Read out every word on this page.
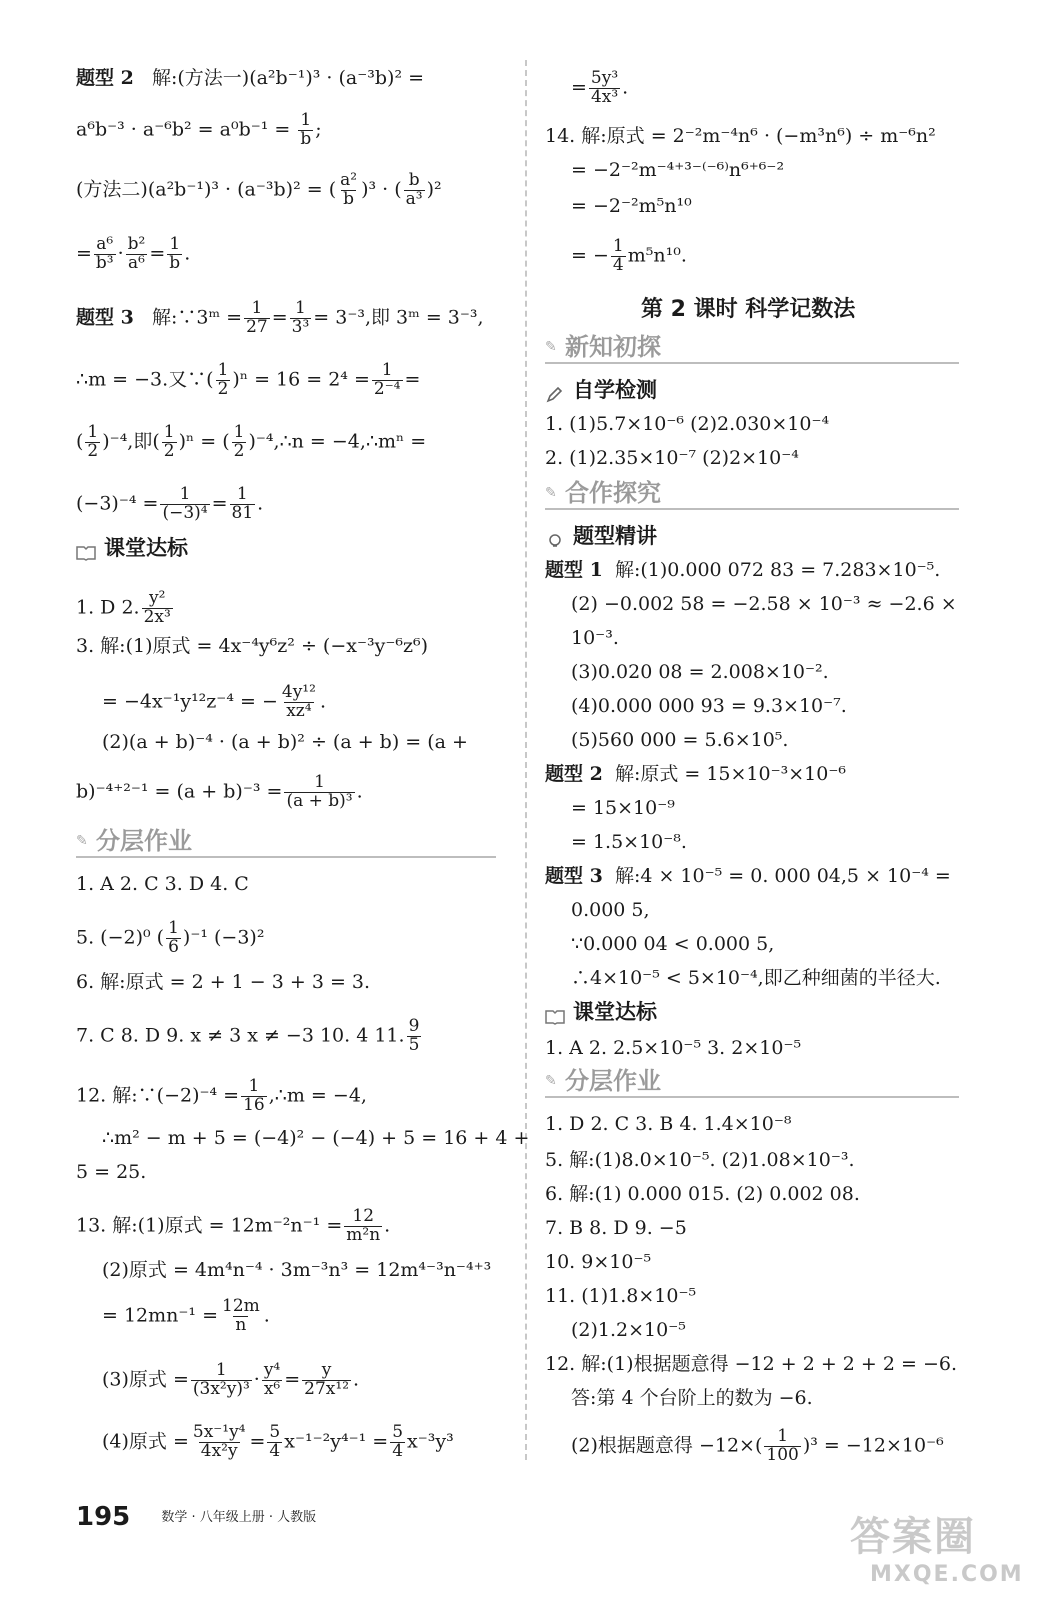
题型 2 解:(方法一)(a²b⁻¹)³ · (a⁻³b)² =
$a^6b^{-3} \cdot a^{-6}b^2 = a^0b^{-1} = \frac{1}{b}$ ;
(方法二)(a²b⁻¹)³ · (a⁻³b)² = ( $\frac{\text{a²}}{b} )^3$ · ( $\frac{b}{\text{a³}} )^2$
= $\frac{\text{a⁶}}{\text{b³}} \cdot \frac{\text{b²}}{\text{a⁶}} = \frac{1}{b}$ .
题型 3 解:∵3ᵐ = $\frac{1}{27} = \frac{1}{\text{3³}} = 3^{-3}$,即 3ᵐ = 3⁻³,
∴m = −3.又∵( $\frac{1}{2} )^n = 16 = 2^4 = \frac{1}{\text{2⁻⁴}}$ =
( $\frac{1}{2} )^{-4}$,即( $\frac{1}{2} )^n$ = ( $\frac{1}{2}$ )⁻⁴,∴n = −4,∴mⁿ =
$(-3)^{-4} = \frac{1}{\text{(−3)⁴}} = \frac{1}{81}$ .
课堂达标
1. D 2. $\frac{\text{y²}}{\text{2x³}}$
3. 解:(1)原式 = 4x⁻⁴y⁶z² ÷ (−x⁻³y⁻⁶z⁶)
= −4x⁻¹y¹²z⁻⁴ = − $\frac{\text{4y¹²}}{\text{xz⁴}}$ .
(2)(a + b)⁻⁴ · (a + b)² ÷ (a + b) = (a +
$b)^{-4+2-1} = (a + b)^{-3} = \frac{1}{\text{(a + b)³}}$ .
✎ 分层作业
1. A 2. C 3. D 4. C
5. (−2)⁰ ( $\frac{1}{6} )^{-1}$ (−3)²
6. 解:原式 = 2 + 1 − 3 + 3 = 3.
7. C 8. D 9. x ≠ 3 x ≠ −3 10. 4 11. $\frac{9}{5}$
12. 解:∵(−2)⁻⁴ = $\frac{1}{16}$ ,∴m = −4,
∴m² − m + 5 = (−4)² − (−4) + 5 = 16 + 4 +
5 = 25.
13. 解:(1)原式 = $12m^{-2}n^{-1} = \frac{12}{\text{m²n}}$ .
(2)原式 = 4m⁴n⁻⁴ · 3m⁻³n³ = 12m⁴⁻³n⁻⁴⁺³
= $12mn^{-1} = \frac{12m}{n}$ .
(3)原式 = $\frac{1}{\text{(3x²y)³}} \cdot \frac{\text{y⁴}}{\text{x⁶}} = \frac{y}{\text{27x¹²}}$ .
(4)原式 = $\frac{\text{5x⁻¹y⁴}}{\text{4x²y}} = \frac{5}{4} x^{-1-2}y^{4-1} = \frac{5}{4} x^{-3}y^3$
= $\frac{\text{5y³}}{\text{4x³}}$ .
14. 解:原式 = 2⁻²m⁻⁴n⁶ · (−m³n⁶) ÷ m⁻⁶n²
= −2⁻²m⁻⁴⁺³⁻⁽⁻⁶⁾n⁶⁺⁶⁻²
= −2⁻²m⁵n¹⁰
= − $\frac{1}{4} m^5n^{10}$.
第 2 课时 科学记数法
✎ 新知初探
自学检测
1. (1)5.7×10⁻⁶ (2)2.030×10⁻⁴
2. (1)2.35×10⁻⁷ (2)2×10⁻⁴
✎ 合作探究
题型精讲
题型 1 解:(1)0.000 072 83 = 7.283×10⁻⁵.
(2) −0.002 58 = −2.58 × 10⁻³ ≈ −2.6 ×
10⁻³.
(3)0.020 08 = 2.008×10⁻².
(4)0.000 000 93 = 9.3×10⁻⁷.
(5)560 000 = 5.6×10⁵.
题型 2 解:原式 = 15×10⁻³×10⁻⁶
= 15×10⁻⁹
= 1.5×10⁻⁸.
题型 3 解:4 × 10⁻⁵ = 0. 000 04,5 × 10⁻⁴ =
0.000 5,
∵0.000 04 < 0.000 5,
∴4×10⁻⁵ < 5×10⁻⁴,即乙种细菌的半径大.
课堂达标
1. A 2. 2.5×10⁻⁵ 3. 2×10⁻⁵
✎ 分层作业
1. D 2. C 3. B 4. 1.4×10⁻⁸
5. 解:(1)8.0×10⁻⁵. (2)1.08×10⁻³.
6. 解:(1) 0.000 015. (2) 0.002 08.
7. B 8. D 9. −5
10. 9×10⁻⁵
11. (1)1.8×10⁻⁵
(2)1.2×10⁻⁵
12. 解:(1)根据题意得 −12 + 2 + 2 + 2 = −6.
答:第 4 个台阶上的数为 −6.
(2)根据题意得 $-12\times( \frac{1}{100} )^3 = -12\times 10^{-6}$
195 $^{数学 \cdot 八年级上册 \cdot 人教版}$	答案圈
MXQE.COM
